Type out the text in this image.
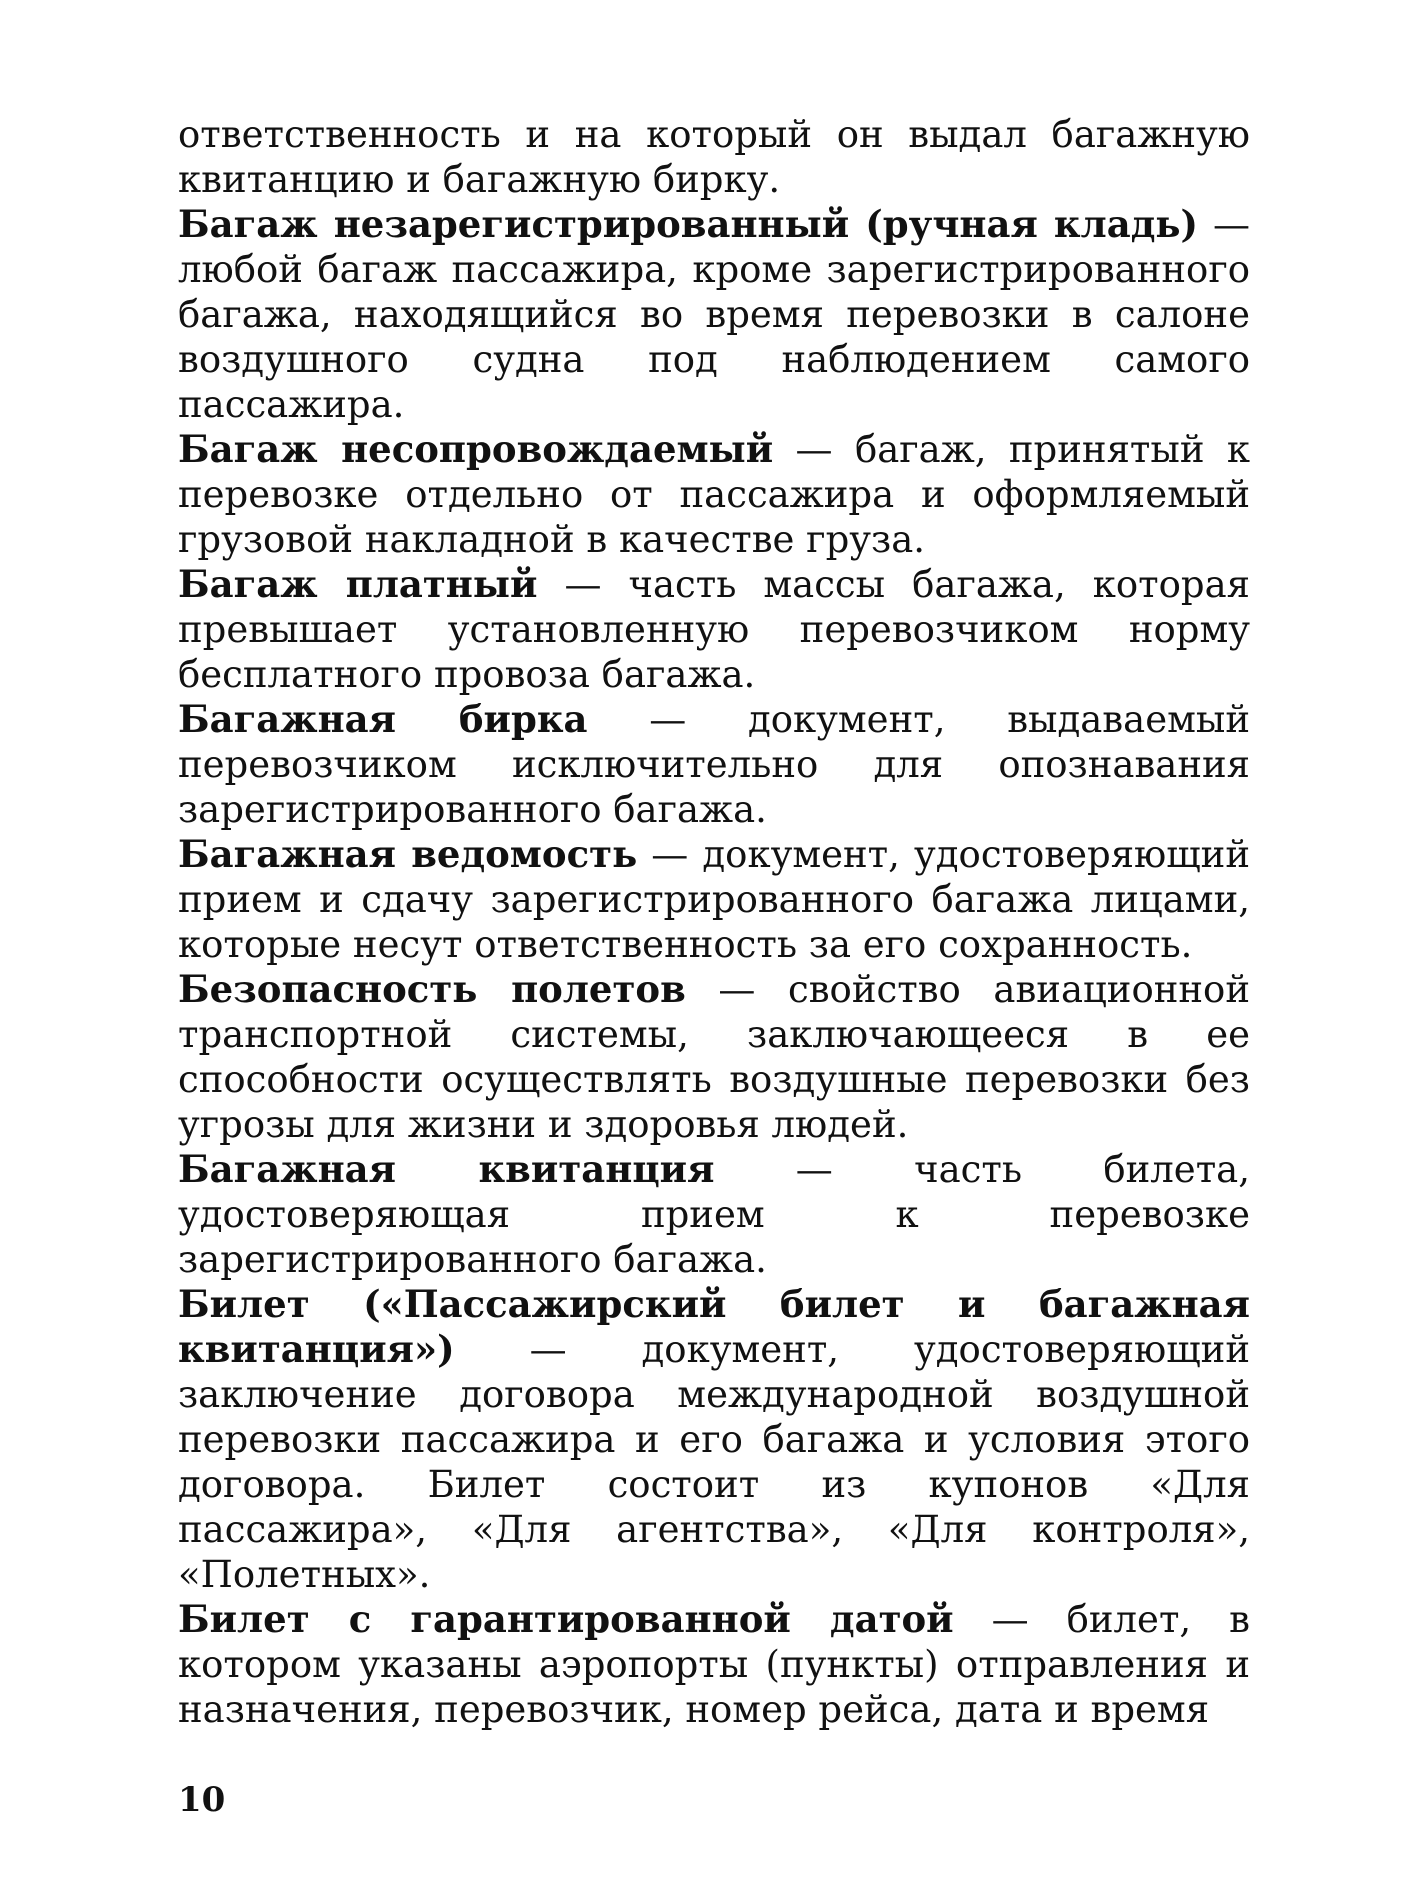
ответственность и на который он выдал багажную квитанцию и багажную бирку.

Багаж незарегистрированный (ручная кладь) — любой багаж пассажира, кроме зарегистрированного багажа, находящийся во время перевозки в салоне воздушного судна под наблюдением самого пассажира.

Багаж несопровождаемый — багаж, принятый к перевозке отдельно от пассажира и оформляемый грузовой накладной в качестве груза.

Багаж платный — часть массы багажа, которая превышает установленную перевозчиком норму бесплатного провоза багажа.

Багажная бирка — документ, выдаваемый перевозчиком исключительно для опознавания зарегистрированного багажа.

Багажная ведомость — документ, удостоверяющий прием и сдачу зарегистрированного багажа лицами, которые несут ответственность за его сохранность.

Безопасность полетов — свойство авиационной транспортной системы, заключающееся в ее способности осуществлять воздушные перевозки без угрозы для жизни и здоровья людей.

Багажная квитанция — часть билета, удостоверяющая прием к перевозке зарегистрированного багажа.

Билет («Пассажирский билет и багажная квитанция») — документ, удостоверяющий заключение договора международной воздушной перевозки пассажира и его багажа и условия этого договора. Билет состоит из купонов «Для пассажира», «Для агентства», «Для контроля», «Полетных».

Билет с гарантированной датой — билет, в котором указаны аэропорты (пункты) отправления и назначения, перевозчик, номер рейса, дата и время

10
